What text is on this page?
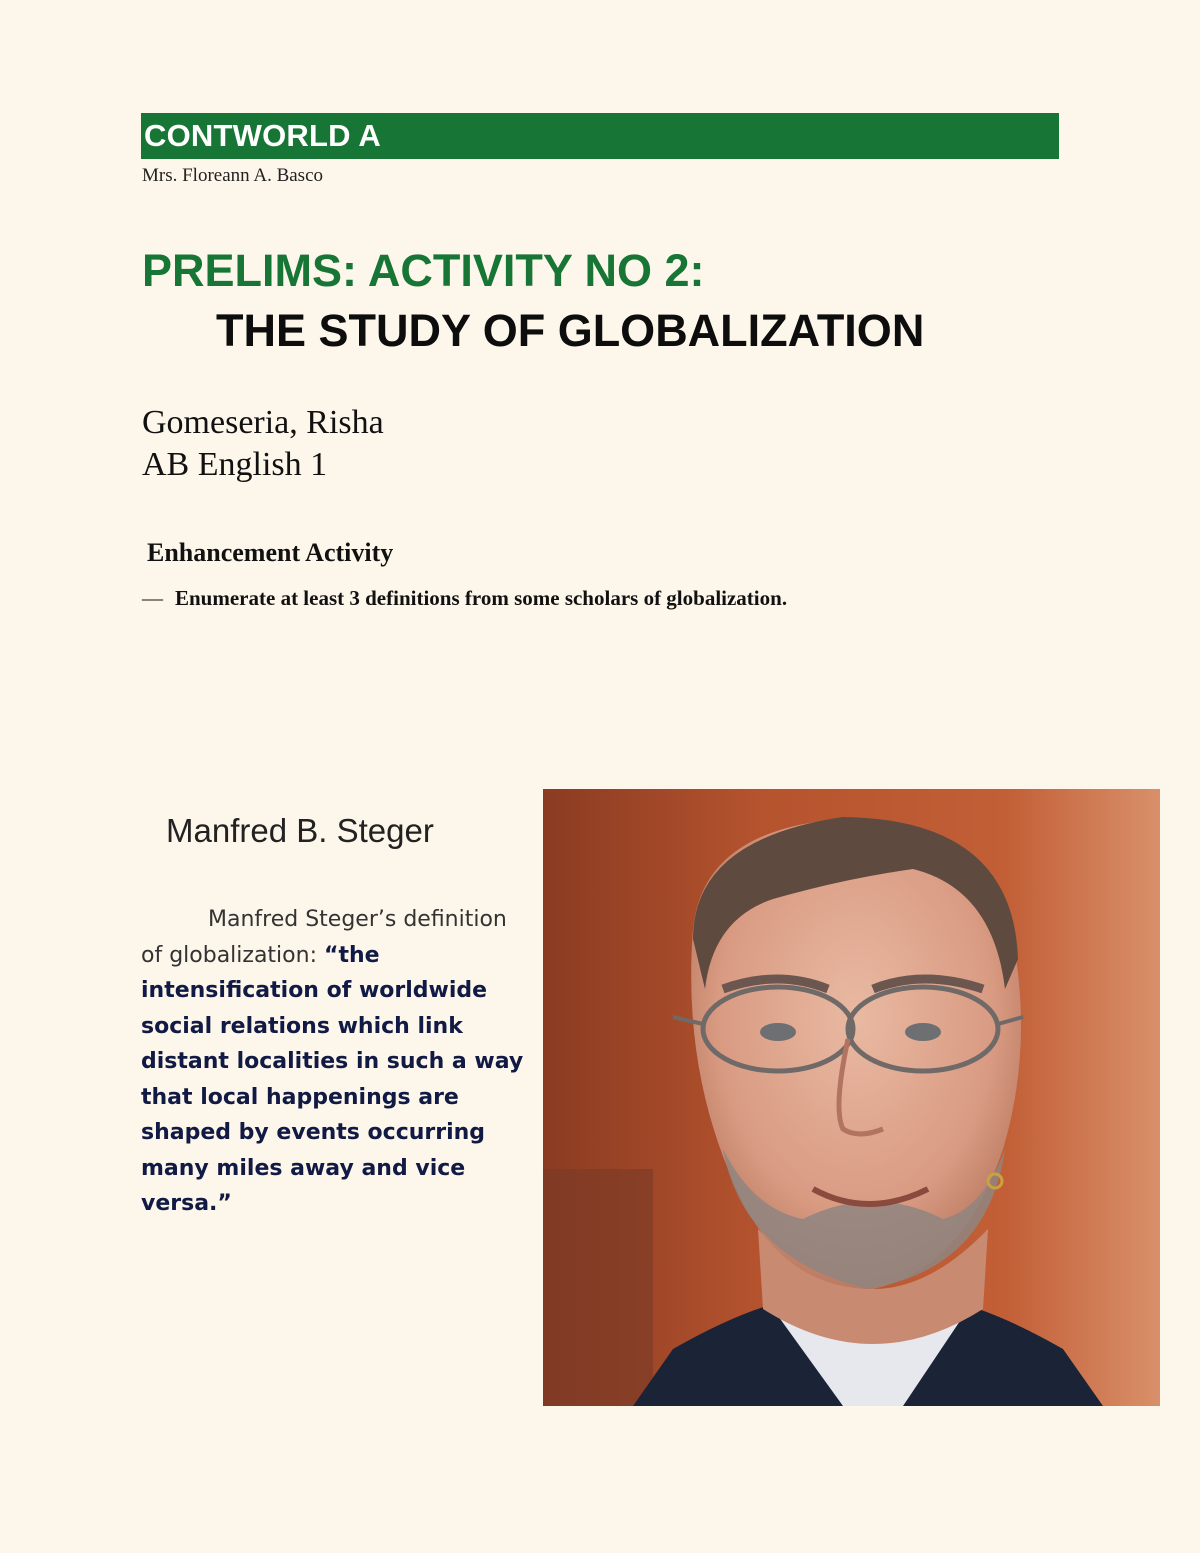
CONTWORLD A
Mrs. Floreann A. Basco
PRELIMS: ACTIVITY NO 2:
THE STUDY OF GLOBALIZATION
Gomeseria, Risha
AB English 1
Enhancement Activity
— Enumerate at least 3 definitions from some scholars of globalization.
Manfred B. Steger
Manfred Steger’s definition of globalization: “the intensification of worldwide social relations which link distant localities in such a way that local happenings are shaped by events occurring many miles away and vice versa.”
